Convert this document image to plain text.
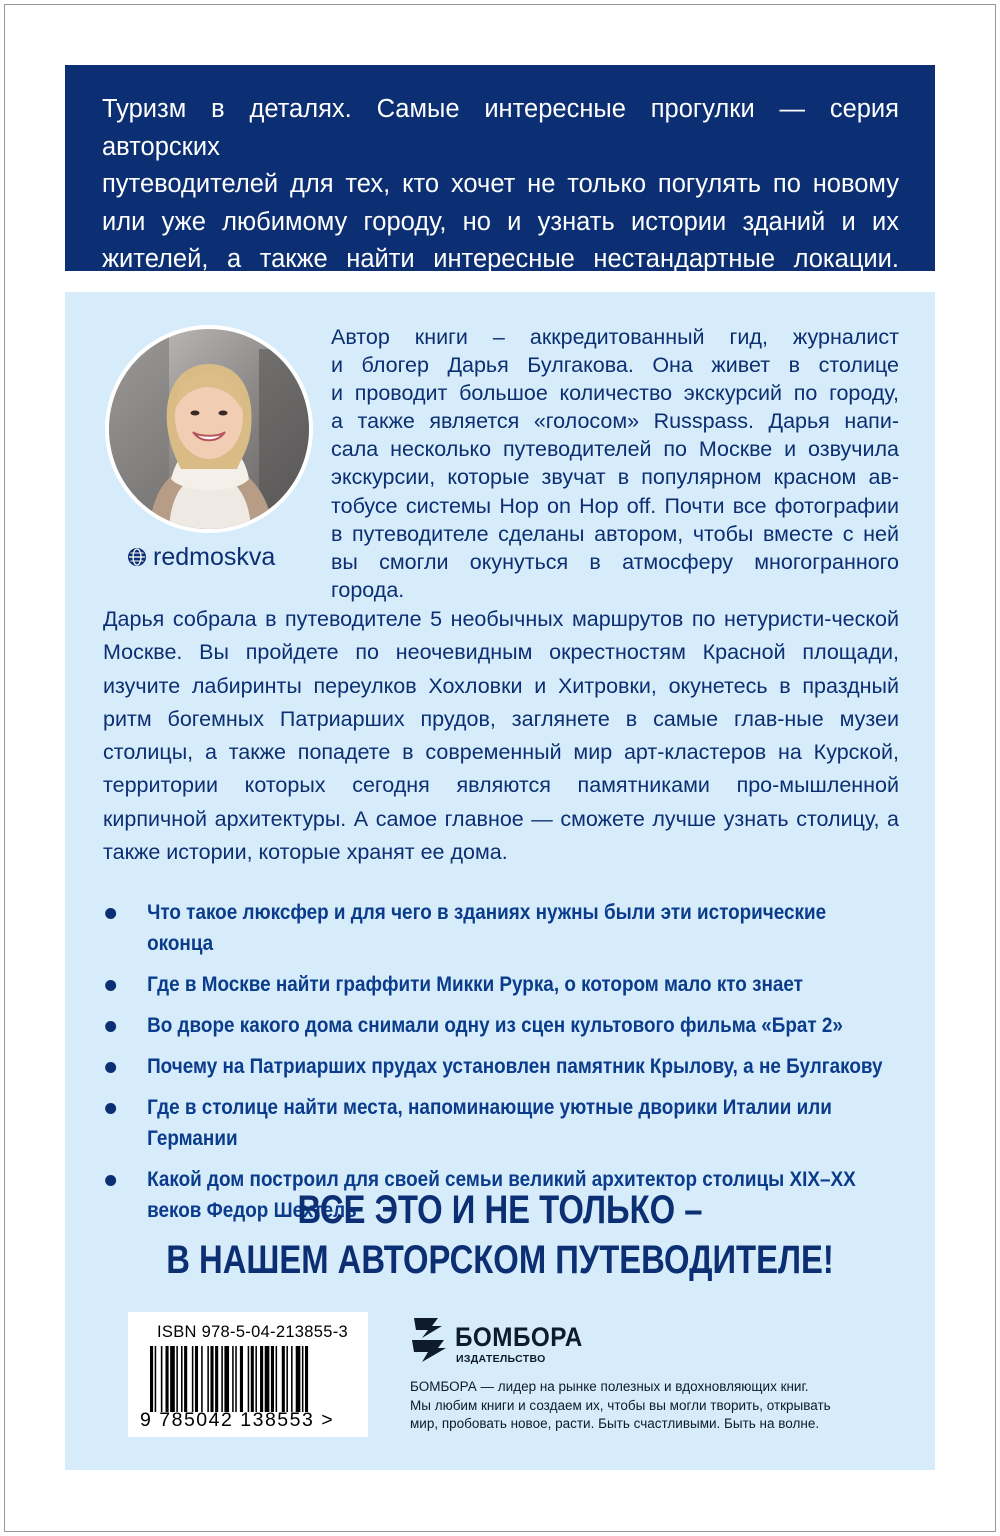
Туризм в деталях. Самые интересные прогулки — серия авторских
путеводителей для тех, кто хочет не только погулять по новому
или уже любимому городу, но и узнать истории зданий и их
жителей, а также найти интересные нестандартные локации.
redmoskva
Автор книги – аккредитованный гид, журналист
и блогер Дарья Булгакова. Она живет в столице
и проводит большое количество экскурсий по городу,
а также является «голосом» Russpass. Дарья напи-
сала несколько путеводителей по Москве и озвучила
экскурсии, которые звучат в популярном красном ав-
тобусе системы Hop on Hop off. Почти все фотографии
в путеводителе сделаны автором, чтобы вместе с ней
вы смогли окунуться в атмосферу многогранного города.
Дарья собрала в путеводителе 5 необычных маршрутов по нетуристи-ческой Москве. Вы пройдете по неочевидным окрестностям Красной площади, изучите лабиринты переулков Хохловки и Хитровки, окунетесь в праздный ритм богемных Патриарших прудов, заглянете в самые глав-ные музеи столицы, а также попадете в современный мир арт-кластеров на Курской, территории которых сегодня являются памятниками про-мышленной кирпичной архитектуры. А самое главное — сможете лучше узнать столицу, а также истории, которые хранят ее дома.
Что такое люксфер и для чего в зданиях нужны были эти исторические оконца
Где в Москве найти граффити Микки Рурка, о котором мало кто знает
Во дворе какого дома снимали одну из сцен культового фильма «Брат 2»
Почему на Патриарших прудах установлен памятник Крылову, а не Булгакову
Где в столице найти места, напоминающие уютные дворики Италии или Германии
Какой дом построил для своей семьи великий архитектор столицы XIX–XX веков Федор Шехтель
ВСЕ ЭТО И НЕ ТОЛЬКО –
В НАШЕМ АВТОРСКОМ ПУТЕВОДИТЕЛЕ!
ISBN 978-5-04-213855-3
9 785042 138553 >
БОМБОРА
ИЗДАТЕЛЬСТВО
БОМБОРА — лидер на рынке полезных и вдохновляющих книг.
Мы любим книги и создаем их, чтобы вы могли творить, открывать
мир, пробовать новое, расти. Быть счастливыми. Быть на волне.
